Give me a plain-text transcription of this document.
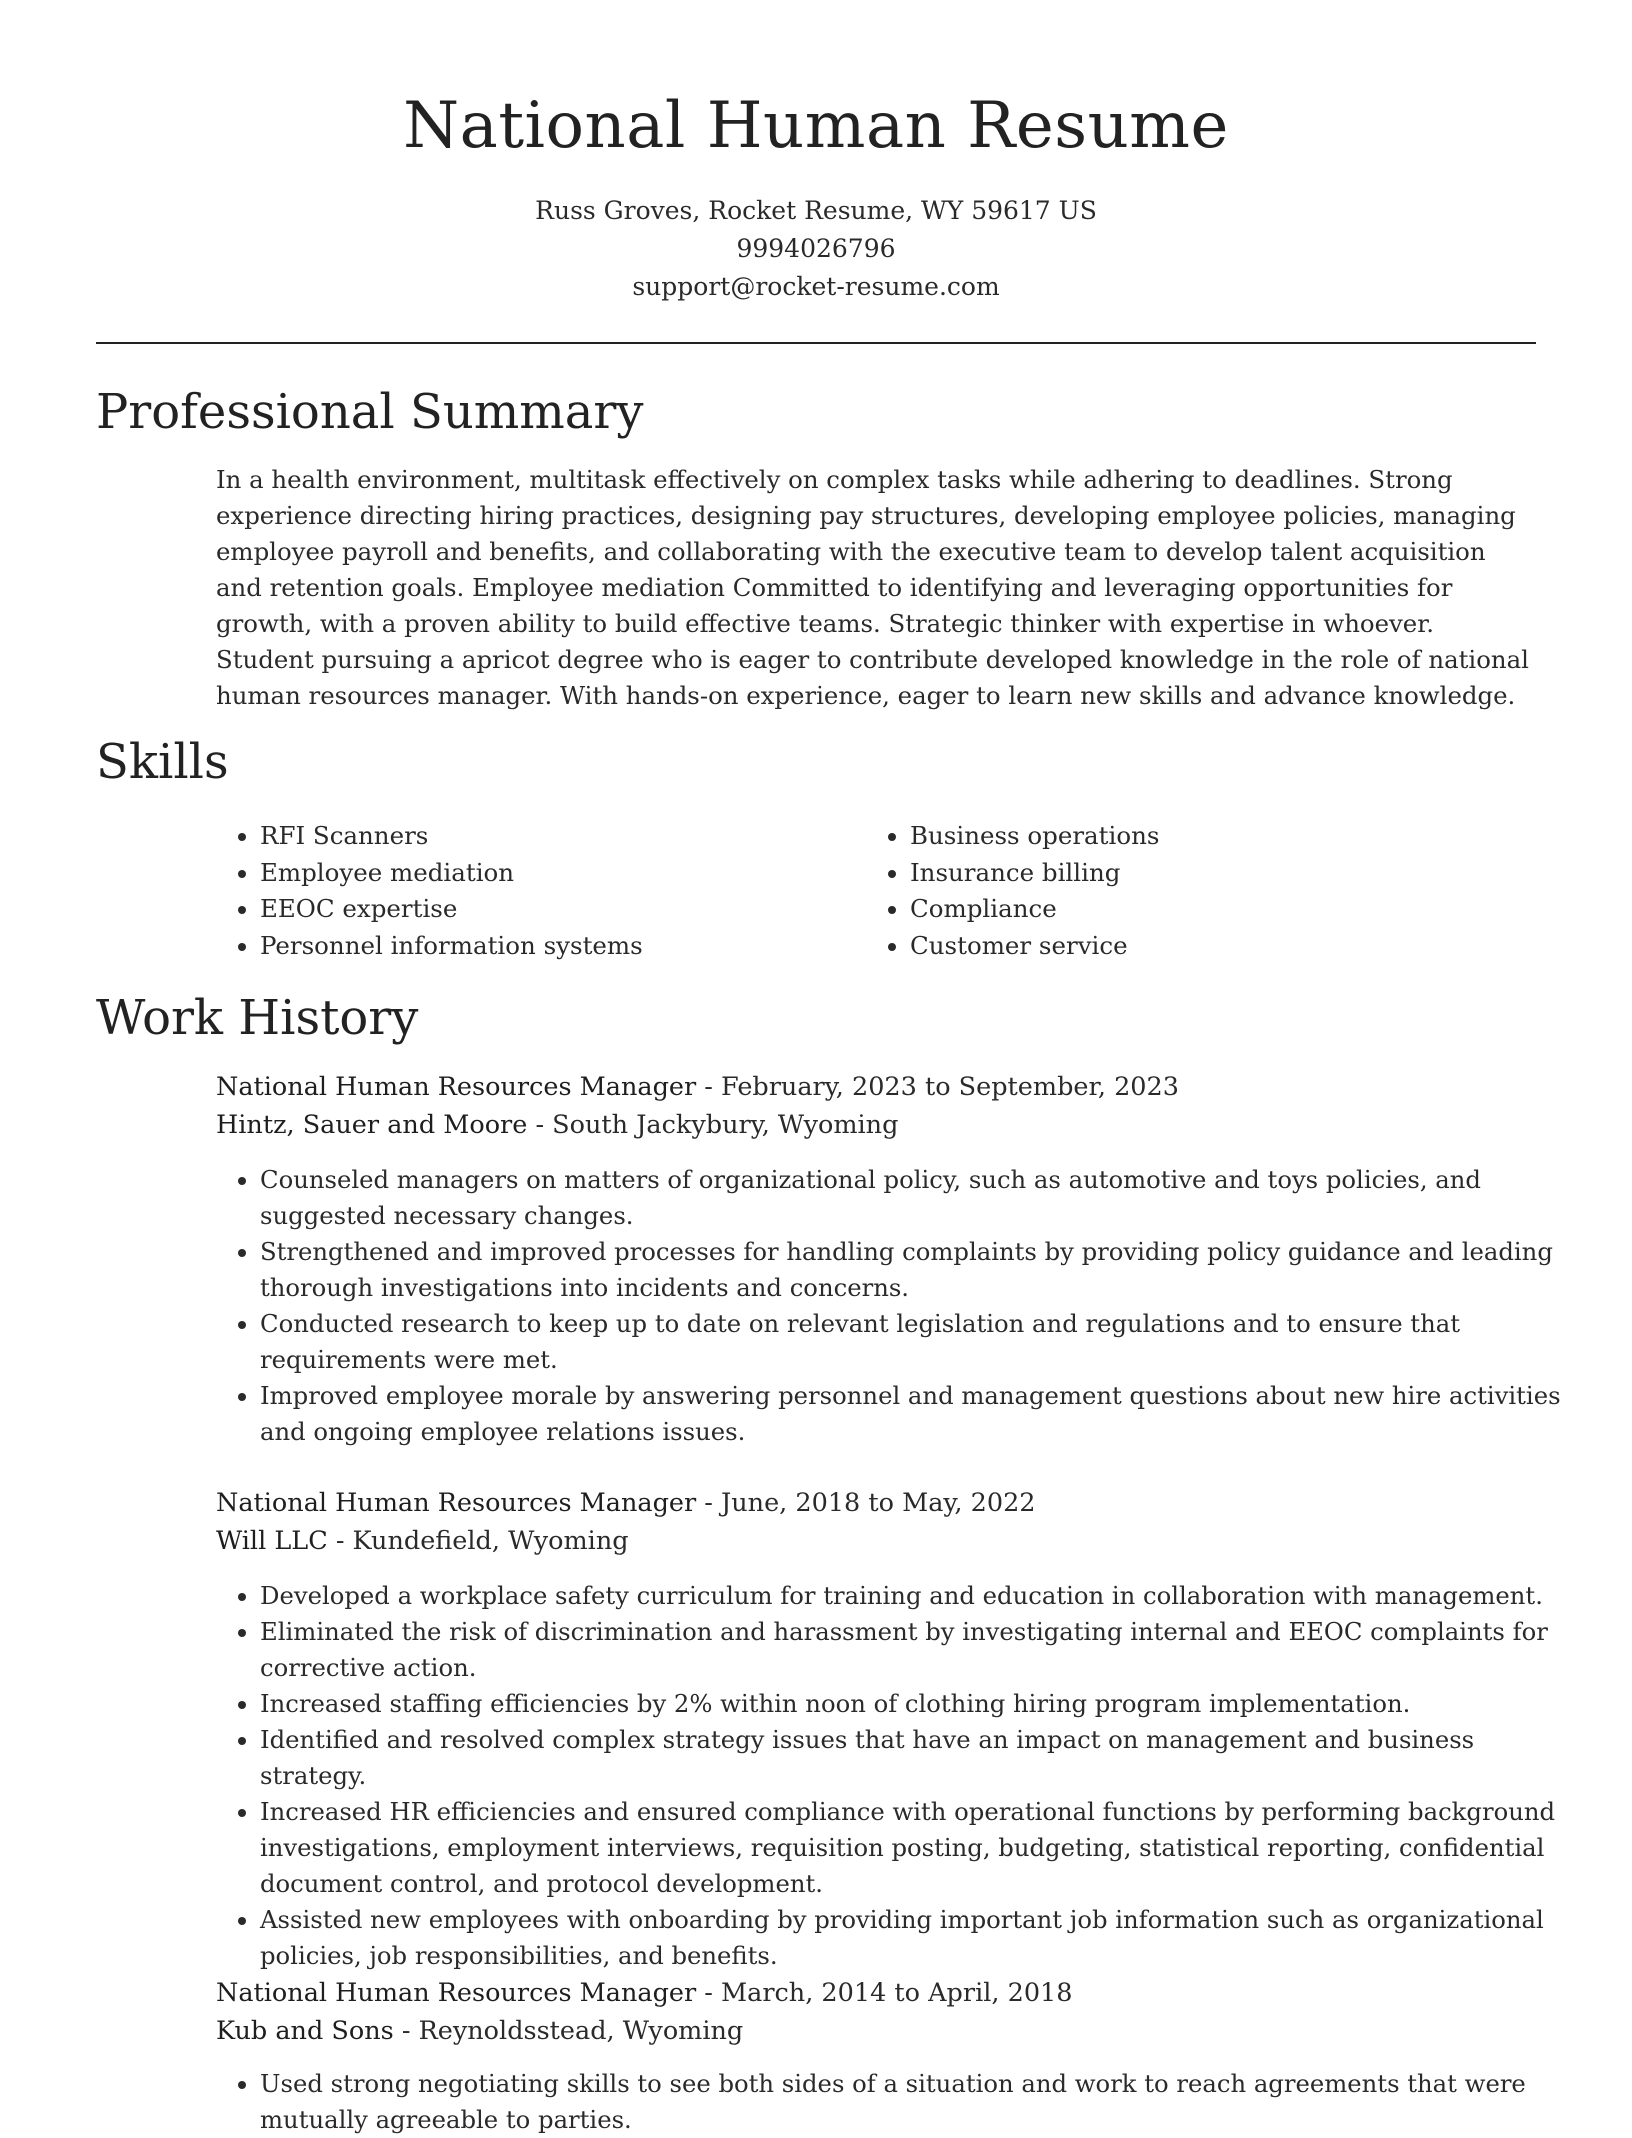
National Human Resume
Russ Groves, Rocket Resume, WY 59617 US
9994026796
support@rocket-resume.com
Professional Summary

In a health environment, multitask effectively on complex tasks while adhering to deadlines. Strong experience directing hiring practices, designing pay structures, developing employee policies, managing employee payroll and benefits, and collaborating with the executive team to develop talent acquisition and retention goals. Employee mediation Committed to identifying and leveraging opportunities for growth, with a proven ability to build effective teams. Strategic thinker with expertise in whoever. Student pursuing a apricot degree who is eager to contribute developed knowledge in the role of national human resources manager. With hands-on experience, eager to learn new skills and advance knowledge.

Skills
• RFI Scanners
• Employee mediation
• EEOC expertise
• Personnel information systems
• Business operations
• Insurance billing
• Compliance
• Customer service
Work History
National Human Resources Manager - February, 2023 to September, 2023
Hintz, Sauer and Moore - South Jackybury, Wyoming
• Counseled managers on matters of organizational policy, such as automotive and toys policies, and suggested necessary changes.
• Strengthened and improved processes for handling complaints by providing policy guidance and leading thorough investigations into incidents and concerns.
• Conducted research to keep up to date on relevant legislation and regulations and to ensure that requirements were met.
• Improved employee morale by answering personnel and management questions about new hire activities and ongoing employee relations issues.
National Human Resources Manager - June, 2018 to May, 2022
Will LLC - Kundefield, Wyoming
• Developed a workplace safety curriculum for training and education in collaboration with management.
• Eliminated the risk of discrimination and harassment by investigating internal and EEOC complaints for corrective action.
• Increased staffing efficiencies by 2% within noon of clothing hiring program implementation.
• Identified and resolved complex strategy issues that have an impact on management and business strategy.
• Increased HR efficiencies and ensured compliance with operational functions by performing background investigations, employment interviews, requisition posting, budgeting, statistical reporting, confidential document control, and protocol development.
• Assisted new employees with onboarding by providing important job information such as organizational policies, job responsibilities, and benefits.
National Human Resources Manager - March, 2014 to April, 2018
Kub and Sons - Reynoldsstead, Wyoming
• Used strong negotiating skills to see both sides of a situation and work to reach agreements that were mutually agreeable to parties.
